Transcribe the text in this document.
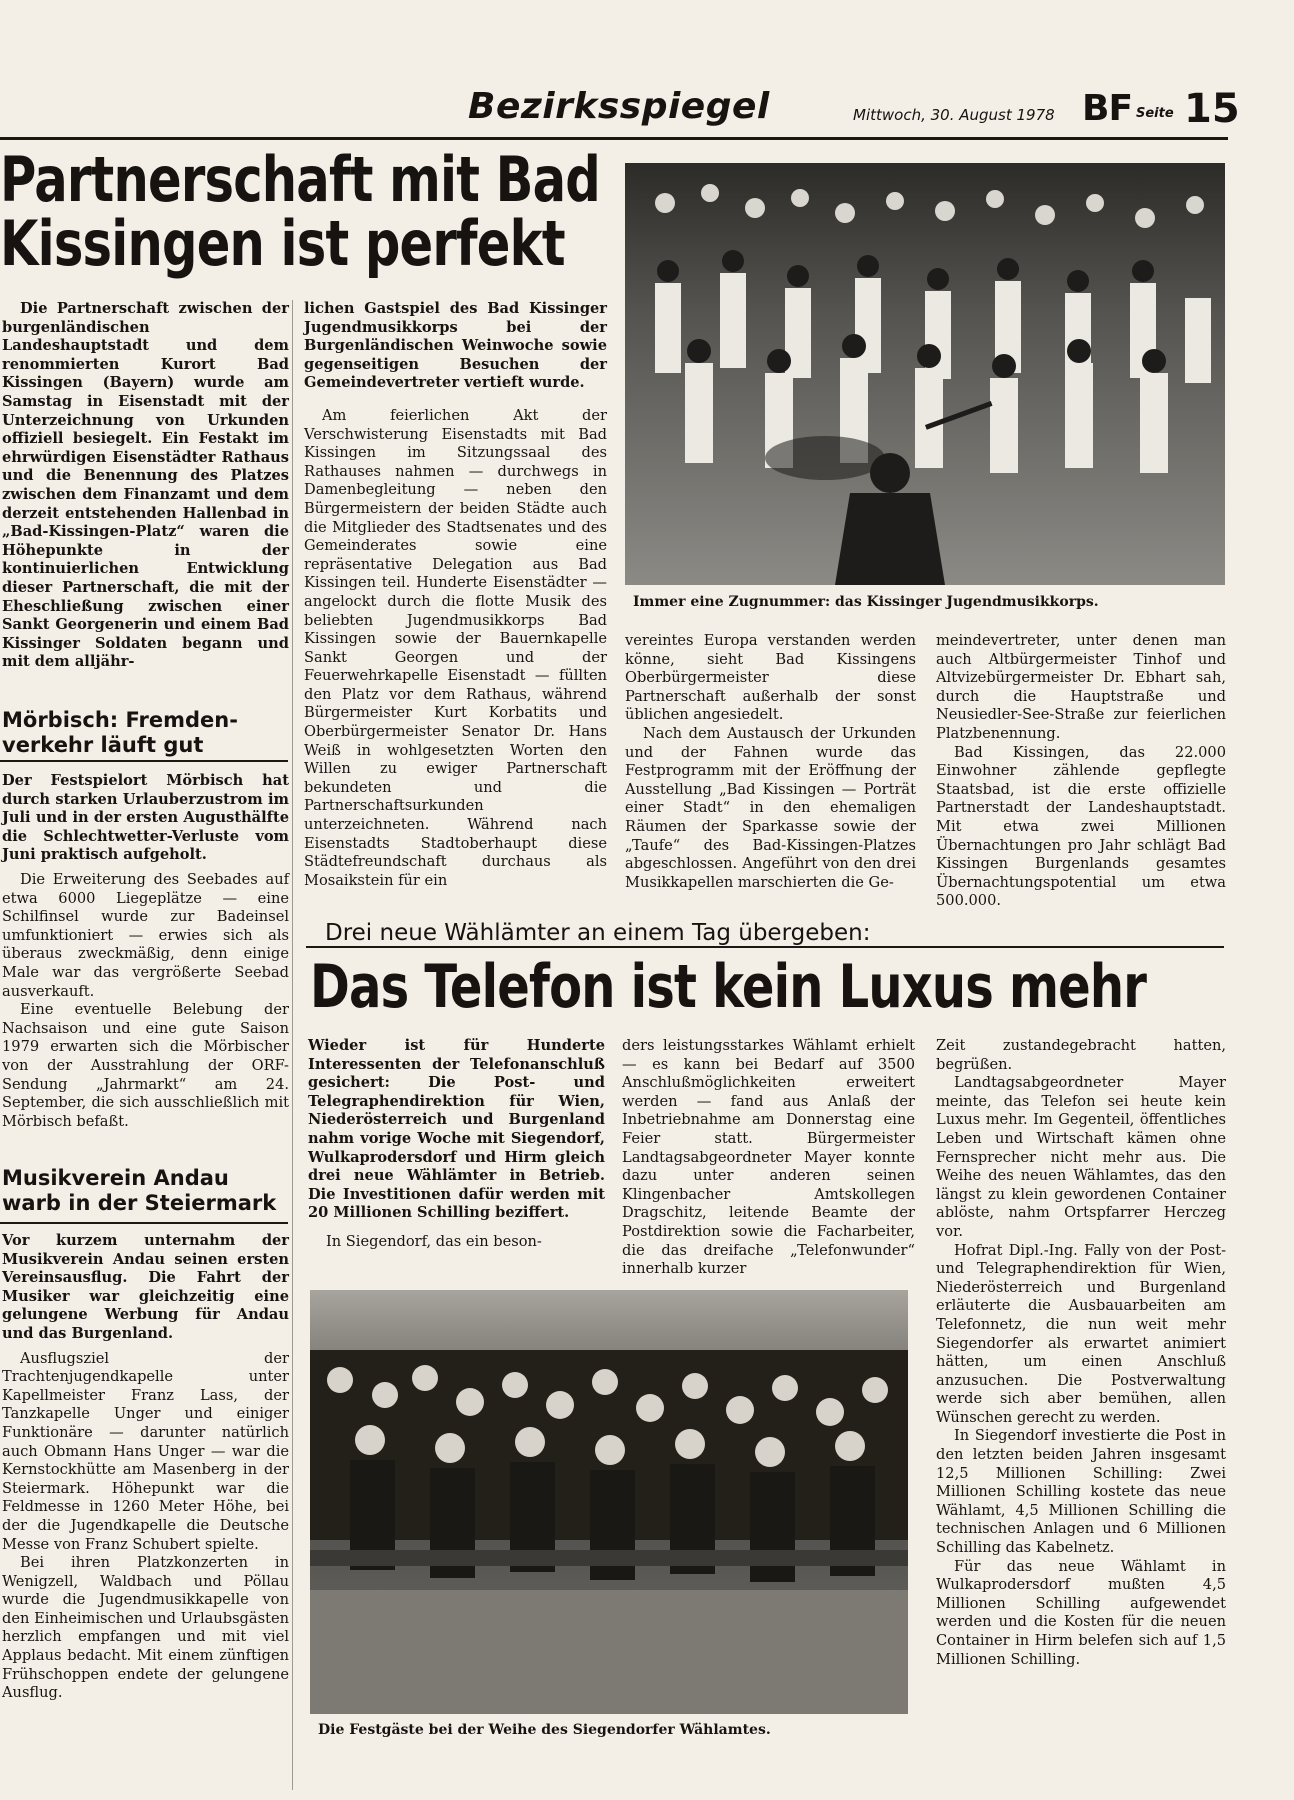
Bezirksspiegel	Mittwoch, 30. August 1978 BF Seite 15
Partnerschaft mit Bad
Kissingen ist perfekt
Immer eine Zugnummer: das Kissinger Jugendmusikkorps.

Die Partnerschaft zwischen der burgenländischen Landeshauptstadt und dem renommierten Kurort Bad Kissingen (Bayern) wurde am Samstag in Eisenstadt mit der Unterzeichnung von Urkunden offiziell besiegelt. Ein Festakt im ehrwürdigen Eisenstädter Rathaus und die Benennung des Platzes zwischen dem Finanzamt und dem derzeit entstehenden Hallenbad in „Bad-Kissingen-Platz“ waren die Höhepunkte in der kontinuierlichen Entwicklung dieser Partnerschaft, die mit der Eheschließung zwischen einer Sankt Georgenerin und einem Bad Kissinger Soldaten begann und mit dem alljähr-

lichen Gastspiel des Bad Kissinger Jugendmusikkorps bei der Burgenländischen Weinwoche sowie gegenseitigen Besuchen der Gemeindevertreter vertieft wurde.

Am feierlichen Akt der Verschwisterung Eisenstadts mit Bad Kissingen im Sitzungssaal des Rathauses nahmen — durchwegs in Damenbegleitung — neben den Bürgermeistern der beiden Städte auch die Mitglieder des Stadtsenates und des Gemeinderates sowie eine repräsentative Delegation aus Bad Kissingen teil. Hunderte Eisenstädter — angelockt durch die flotte Musik des beliebten Jugendmusikkorps Bad Kissingen sowie der Bauernkapelle Sankt Georgen und der Feuerwehrkapelle Eisenstadt — füllten den Platz vor dem Rathaus, während Bürgermeister Kurt Korbatits und Oberbürgermeister Senator Dr. Hans Weiß in wohlgesetzten Worten den Willen zu ewiger Partnerschaft bekundeten und die Partnerschaftsurkunden unterzeichneten. Während nach Eisenstadts Stadtoberhaupt diese Städtefreundschaft durchaus als Mosaikstein für ein

vereintes Europa verstanden werden könne, sieht Bad Kissingens Oberbürgermeister diese Partnerschaft außerhalb der sonst üblichen angesiedelt.

Nach dem Austausch der Urkunden und der Fahnen wurde das Festprogramm mit der Eröffnung der Ausstellung „Bad Kissingen — Porträt einer Stadt“ in den ehemaligen Räumen der Sparkasse sowie der „Taufe“ des Bad-Kissingen-Platzes abgeschlossen. Angeführt von den drei Musikkapellen marschierten die Ge-

meindevertreter, unter denen man auch Altbürgermeister Tinhof und Altvizebürgermeister Dr. Ebhart sah, durch die Hauptstraße und Neusiedler-See-Straße zur feierlichen Platzbenennung.

Bad Kissingen, das 22.000 Einwohner zählende gepflegte Staatsbad, ist die erste offizielle Partnerstadt der Landeshauptstadt. Mit etwa zwei Millionen Übernachtungen pro Jahr schlägt Bad Kissingen Burgenlands gesamtes Übernachtungspotential um etwa 500.000.

Mörbisch: Fremden-
verkehr läuft gut

Der Festspielort Mörbisch hat durch starken Urlauberzustrom im Juli und in der ersten Augusthälfte die Schlechtwetter-Verluste vom Juni praktisch aufgeholt.

Die Erweiterung des Seebades auf etwa 6000 Liegeplätze — eine Schilfinsel wurde zur Badeinsel umfunktioniert — erwies sich als überaus zweckmäßig, denn einige Male war das vergrößerte Seebad ausverkauft.

Eine eventuelle Belebung der Nachsaison und eine gute Saison 1979 erwarten sich die Mörbischer von der Ausstrahlung der ORF-Sendung „Jahrmarkt“ am 24. September, die sich ausschließlich mit Mörbisch befaßt.

Musikverein Andau
warb in der Steiermark

Vor kurzem unternahm der Musikverein Andau seinen ersten Vereinsausflug. Die Fahrt der Musiker war gleichzeitig eine gelungene Werbung für Andau und das Burgenland.

Ausflugsziel der Trachtenjugendkapelle unter Kapellmeister Franz Lass, der Tanzkapelle Unger und einiger Funktionäre — darunter natürlich auch Obmann Hans Unger — war die Kernstockhütte am Masenberg in der Steiermark. Höhepunkt war die Feldmesse in 1260 Meter Höhe, bei der die Jugendkapelle die Deutsche Messe von Franz Schubert spielte.

Bei ihren Platzkonzerten in Wenigzell, Waldbach und Pöllau wurde die Jugendmusikkapelle von den Einheimischen und Urlaubsgästen herzlich empfangen und mit viel Applaus bedacht. Mit einem zünftigen Frühschoppen endete der gelungene Ausflug.

Drei neue Wählämter an einem Tag übergeben:
Das Telefon ist kein Luxus mehr

Wieder ist für Hunderte Interessenten der Telefonanschluß gesichert: Die Post- und Telegraphendirektion für Wien, Niederösterreich und Burgenland nahm vorige Woche mit Siegendorf, Wulkaprodersdorf und Hirm gleich drei neue Wählämter in Betrieb. Die Investitionen dafür werden mit 20 Millionen Schilling beziffert.

In Siegendorf, das ein beson-

ders leistungsstarkes Wählamt erhielt — es kann bei Bedarf auf 3500 Anschlußmöglichkeiten erweitert werden — fand aus Anlaß der Inbetriebnahme am Donnerstag eine Feier statt. Bürgermeister Landtagsabgeordneter Mayer konnte dazu unter anderen seinen Klingenbacher Amtskollegen Dragschitz, leitende Beamte der Postdirektion sowie die Facharbeiter, die das dreifache „Telefonwunder“ innerhalb kurzer

Zeit zustandegebracht hatten, begrüßen.

Landtagsabgeordneter Mayer meinte, das Telefon sei heute kein Luxus mehr. Im Gegenteil, öffentliches Leben und Wirtschaft kämen ohne Fernsprecher nicht mehr aus. Die Weihe des neuen Wählamtes, das den längst zu klein gewordenen Container ablöste, nahm Ortspfarrer Herczeg vor.

Hofrat Dipl.-Ing. Fally von der Post- und Telegraphendirektion für Wien, Niederösterreich und Burgenland erläuterte die Ausbauarbeiten am Telefonnetz, die nun weit mehr Siegendorfer als erwartet animiert hätten, um einen Anschluß anzusuchen. Die Postverwaltung werde sich aber bemühen, allen Wünschen gerecht zu werden.

In Siegendorf investierte die Post in den letzten beiden Jahren insgesamt 12,5 Millionen Schilling: Zwei Millionen Schilling kostete das neue Wählamt, 4,5 Millionen Schilling die technischen Anlagen und 6 Millionen Schilling das Kabelnetz.

Für das neue Wählamt in Wulkaprodersdorf mußten 4,5 Millionen Schilling aufgewendet werden und die Kosten für die neuen Container in Hirm belefen sich auf 1,5 Millionen Schilling.

Die Festgäste bei der Weihe des Siegendorfer Wählamtes.
